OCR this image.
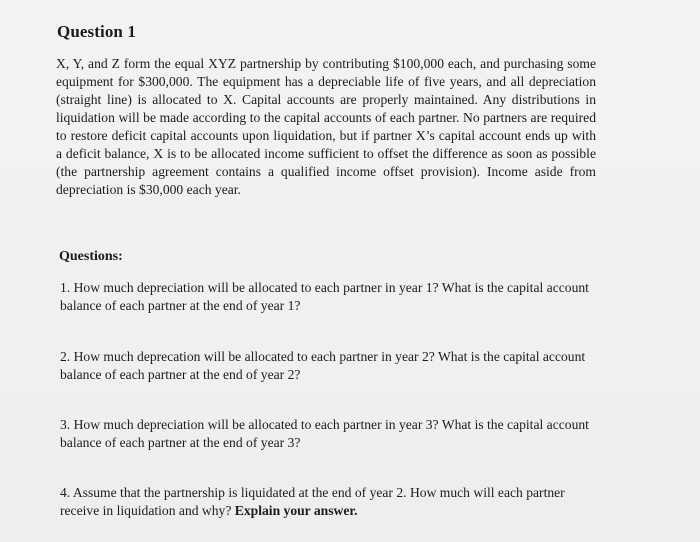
Question 1
X, Y, and Z form the equal XYZ partnership by contributing $100,000 each, and purchasing some equipment for $300,000. The equipment has a depreciable life of five years, and all depreciation (straight line) is allocated to X. Capital accounts are properly maintained. Any distributions in liquidation will be made according to the capital accounts of each partner. No partners are required to restore deficit capital accounts upon liquidation, but if partner X’s capital account ends up with a deficit balance, X is to be allocated income sufficient to offset the difference as soon as possible (the partnership agreement contains a qualified income offset provision). Income aside from depreciation is $30,000 each year.
Questions:
1. How much depreciation will be allocated to each partner in year 1? What is the capital account balance of each partner at the end of year 1?
2. How much deprecation will be allocated to each partner in year 2? What is the capital account balance of each partner at the end of year 2?
3. How much depreciation will be allocated to each partner in year 3? What is the capital account balance of each partner at the end of year 3?
4. Assume that the partnership is liquidated at the end of year 2. How much will each partner receive in liquidation and why? Explain your answer.
